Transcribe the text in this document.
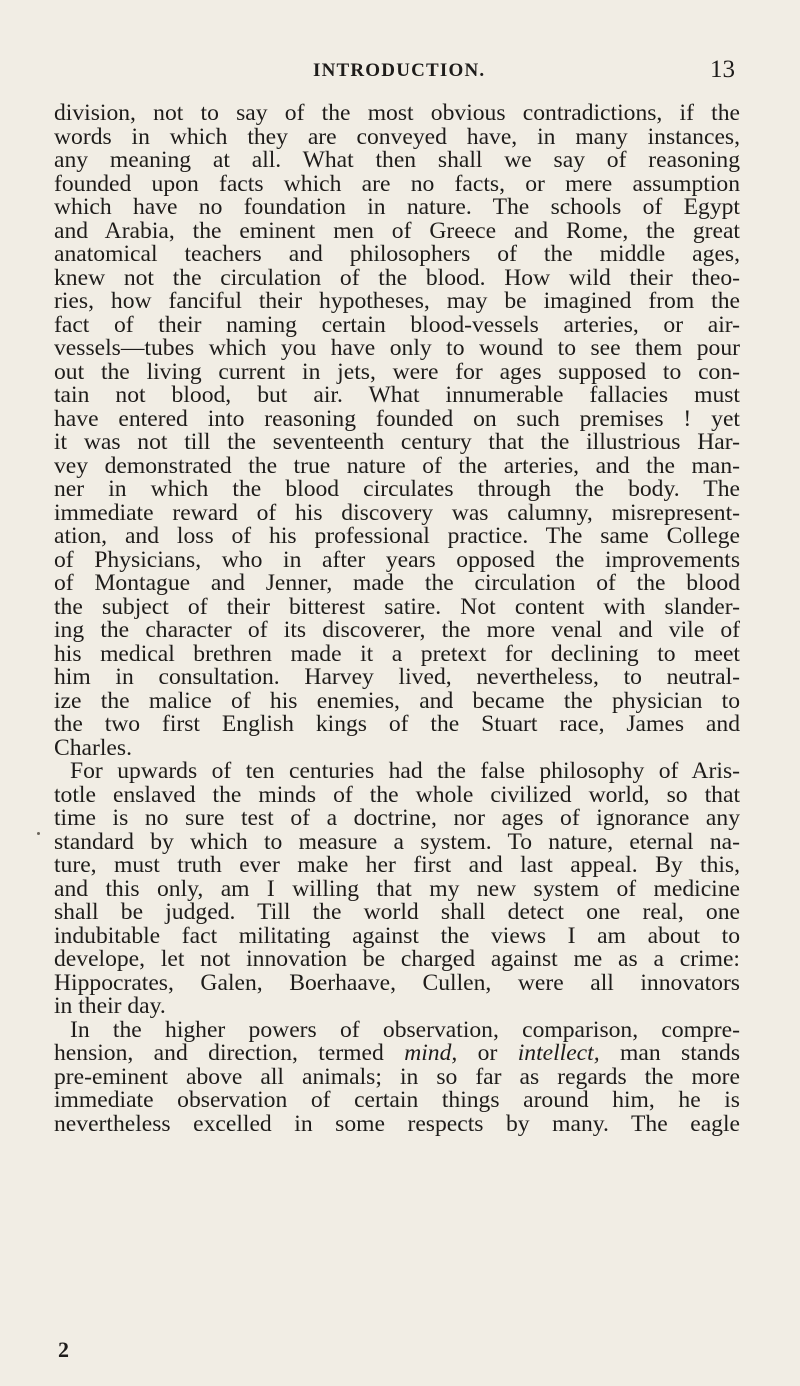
INTRODUCTION.	13
division, not to say of the most obvious contradictions, if the
words in which they are conveyed have, in many instances,
any meaning at all. What then shall we say of reasoning
founded upon facts which are no facts, or mere assumption
which have no foundation in nature. The schools of Egypt
and Arabia, the eminent men of Greece and Rome, the great
anatomical teachers and philosophers of the middle ages,
knew not the circulation of the blood. How wild their theo-
ries, how fanciful their hypotheses, may be imagined from the
fact of their naming certain blood-vessels arteries, or air-
vessels—tubes which you have only to wound to see them pour
out the living current in jets, were for ages supposed to con-
tain not blood, but air. What innumerable fallacies must
have entered into reasoning founded on such premises ! yet
it was not till the seventeenth century that the illustrious Har-
vey demonstrated the true nature of the arteries, and the man-
ner in which the blood circulates through the body. The
immediate reward of his discovery was calumny, misrepresent-
ation, and loss of his professional practice. The same College
of Physicians, who in after years opposed the improvements
of Montague and Jenner, made the circulation of the blood
the subject of their bitterest satire. Not content with slander-
ing the character of its discoverer, the more venal and vile of
his medical brethren made it a pretext for declining to meet
him in consultation. Harvey lived, nevertheless, to neutral-
ize the malice of his enemies, and became the physician to
the two first English kings of the Stuart race, James and
Charles.
For upwards of ten centuries had the false philosophy of Aris-
totle enslaved the minds of the whole civilized world, so that
time is no sure test of a doctrine, nor ages of ignorance any
standard by which to measure a system. To nature, eternal na-
ture, must truth ever make her first and last appeal. By this,
and this only, am I willing that my new system of medicine
shall be judged. Till the world shall detect one real, one
indubitable fact militating against the views I am about to
develope, let not innovation be charged against me as a crime:
Hippocrates, Galen, Boerhaave, Cullen, were all innovators
in their day.
In the higher powers of observation, comparison, compre-
hension, and direction, termed mind, or intellect, man stands
pre-eminent above all animals; in so far as regards the more
immediate observation of certain things around him, he is
nevertheless excelled in some respects by many. The eagle
2
